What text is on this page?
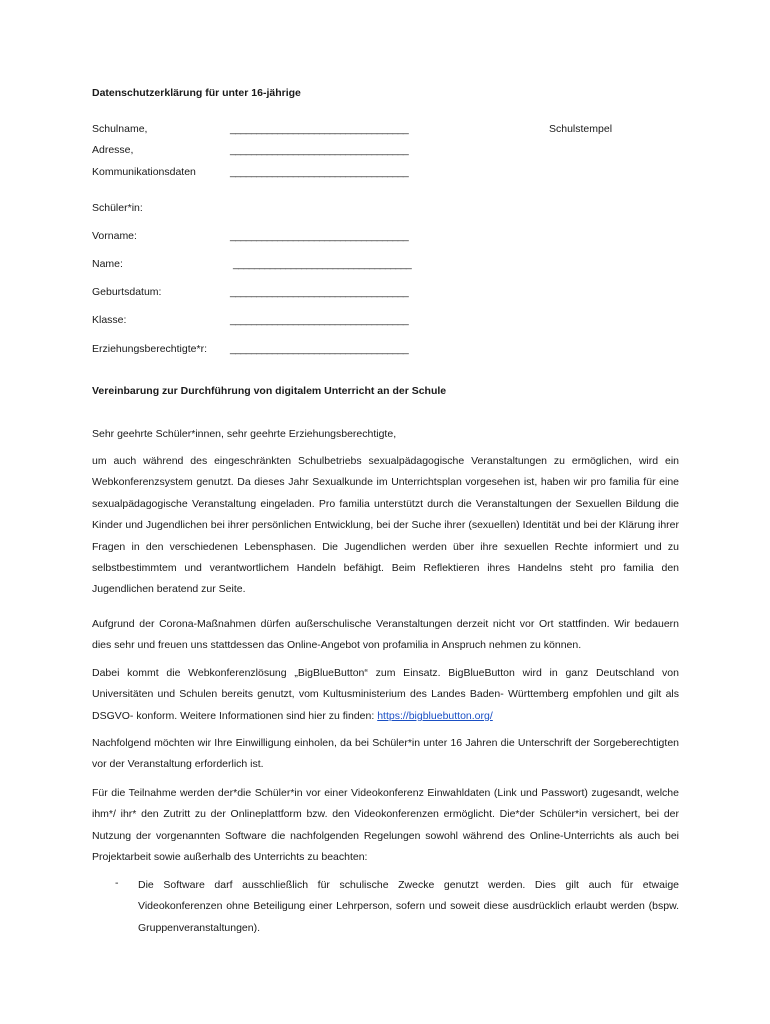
Datenschutzerklärung für unter 16-jährige
Schulname,	__________________________________	Schulstempel
Adresse,	__________________________________
Kommunikationsdaten	__________________________________
Schüler*in:
Vorname:	__________________________________
Name:	__________________________________
Geburtsdatum:	__________________________________
Klasse:	__________________________________
Erziehungsberechtigte*r: __________________________________
Vereinbarung zur Durchführung von digitalem Unterricht an der Schule
Sehr geehrte Schüler*innen, sehr geehrte Erziehungsberechtigte,
um auch während des eingeschränkten Schulbetriebs sexualpädagogische Veranstaltungen zu ermöglichen, wird ein Webkonferenzsystem genutzt. Da dieses Jahr Sexualkunde im Unterrichtsplan vorgesehen ist, haben wir pro familia für eine sexualpädagogische Veranstaltung eingeladen. Pro familia unterstützt durch die Veranstaltungen der Sexuellen Bildung die Kinder und Jugendlichen bei ihrer persönlichen Entwicklung, bei der Suche ihrer (sexuellen) Identität und bei der Klärung ihrer Fragen in den verschiedenen Lebensphasen. Die Jugendlichen werden über ihre sexuellen Rechte informiert und zu selbstbestimmtem und verantwortlichem Handeln befähigt. Beim Reflektieren ihres Handelns steht pro familia den Jugendlichen beratend zur Seite.
Aufgrund der Corona-Maßnahmen dürfen außerschulische Veranstaltungen derzeit nicht vor Ort stattfinden. Wir bedauern dies sehr und freuen uns stattdessen das Online-Angebot von profamilia in Anspruch nehmen zu können.
Dabei kommt die Webkonferenzlösung „BigBlueButton“ zum Einsatz. BigBlueButton wird in ganz Deutschland von Universitäten und Schulen bereits genutzt, vom Kultusministerium des Landes Baden- Württemberg empfohlen und gilt als DSGVO- konform. Weitere Informationen sind hier zu finden: https://bigbluebutton.org/
Nachfolgend möchten wir Ihre Einwilligung einholen, da bei Schüler*in unter 16 Jahren die Unterschrift der Sorgeberechtigten vor der Veranstaltung erforderlich ist.
Für die Teilnahme werden der*die Schüler*in vor einer Videokonferenz Einwahldaten (Link und Passwort) zugesandt, welche ihm*/ ihr* den Zutritt zu der Onlineplattform bzw. den Videokonferenzen ermöglicht. Die*der Schüler*in versichert, bei der Nutzung der vorgenannten Software die nachfolgenden Regelungen sowohl während des Online-Unterrichts als auch bei Projektarbeit sowie außerhalb des Unterrichts zu beachten:
- Die Software darf ausschließlich für schulische Zwecke genutzt werden. Dies gilt auch für etwaige Videokonferenzen ohne Beteiligung einer Lehrperson, sofern und soweit diese ausdrücklich erlaubt werden (bspw. Gruppenveranstaltungen).
